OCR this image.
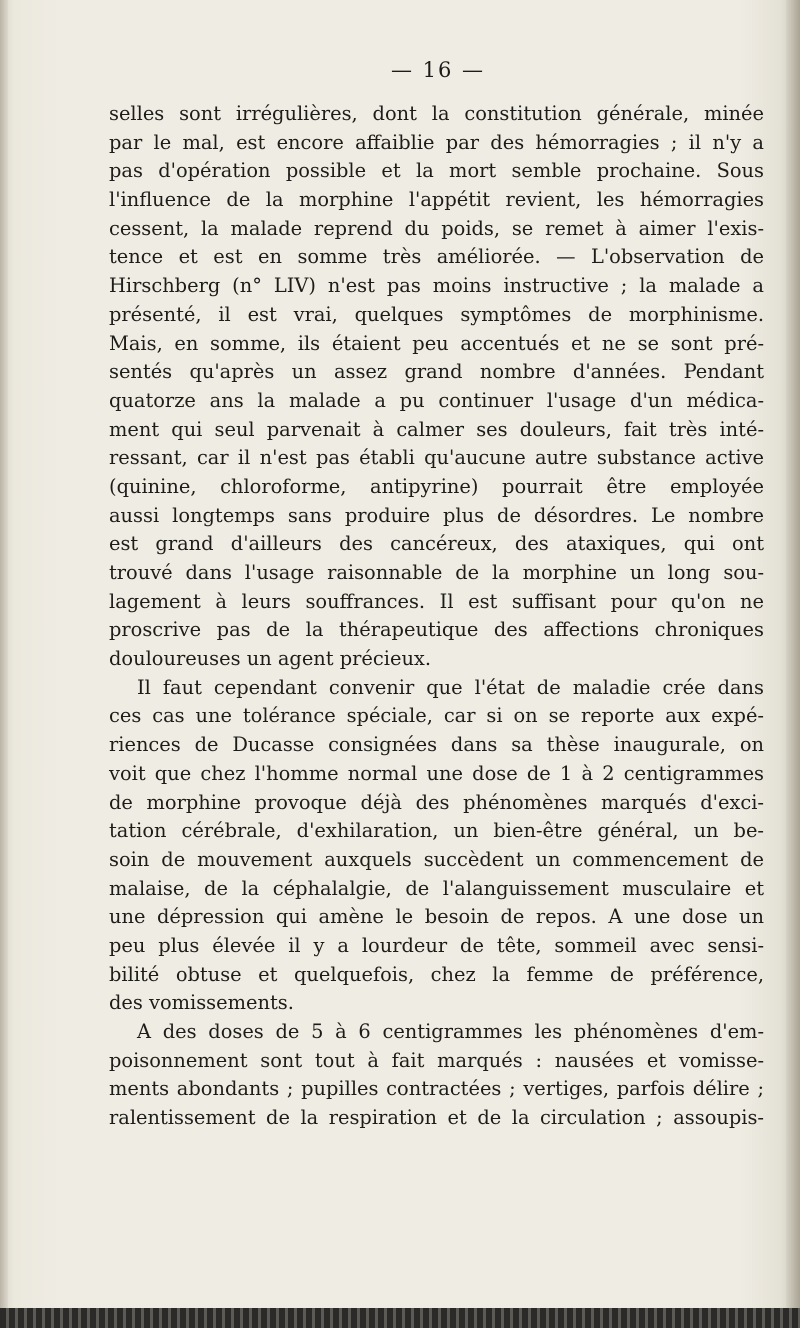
— 16 —
selles sont irrégulières, dont la constitution générale, minée
par le mal, est encore affaiblie par des hémorragies ; il n'y a
pas d'opération possible et la mort semble prochaine. Sous
l'influence de la morphine l'appétit revient, les hémorragies
cessent, la malade reprend du poids, se remet à aimer l'exis-
tence et est en somme très améliorée. — L'observation de
Hirschberg (n° LIV) n'est pas moins instructive ; la malade a
présenté, il est vrai, quelques symptômes de morphinisme.
Mais, en somme, ils étaient peu accentués et ne se sont pré-
sentés qu'après un assez grand nombre d'années. Pendant
quatorze ans la malade a pu continuer l'usage d'un médica-
ment qui seul parvenait à calmer ses douleurs, fait très inté-
ressant, car il n'est pas établi qu'aucune autre substance active
(quinine, chloroforme, antipyrine) pourrait être employée
aussi longtemps sans produire plus de désordres. Le nombre
est grand d'ailleurs des cancéreux, des ataxiques, qui ont
trouvé dans l'usage raisonnable de la morphine un long sou-
lagement à leurs souffrances. Il est suffisant pour qu'on ne
proscrive pas de la thérapeutique des affections chroniques
douloureuses un agent précieux.
Il faut cependant convenir que l'état de maladie crée dans
ces cas une tolérance spéciale, car si on se reporte aux expé-
riences de Ducasse consignées dans sa thèse inaugurale, on
voit que chez l'homme normal une dose de 1 à 2 centigrammes
de morphine provoque déjà des phénomènes marqués d'exci-
tation cérébrale, d'exhilaration, un bien-être général, un be-
soin de mouvement auxquels succèdent un commencement de
malaise, de la céphalalgie, de l'alanguissement musculaire et
une dépression qui amène le besoin de repos. A une dose un
peu plus élevée il y a lourdeur de tête, sommeil avec sensi-
bilité obtuse et quelquefois, chez la femme de préférence,
des vomissements.
A des doses de 5 à 6 centigrammes les phénomènes d'em-
poisonnement sont tout à fait marqués : nausées et vomisse-
ments abondants ; pupilles contractées ; vertiges, parfois délire ;
ralentissement de la respiration et de la circulation ; assoupis-
